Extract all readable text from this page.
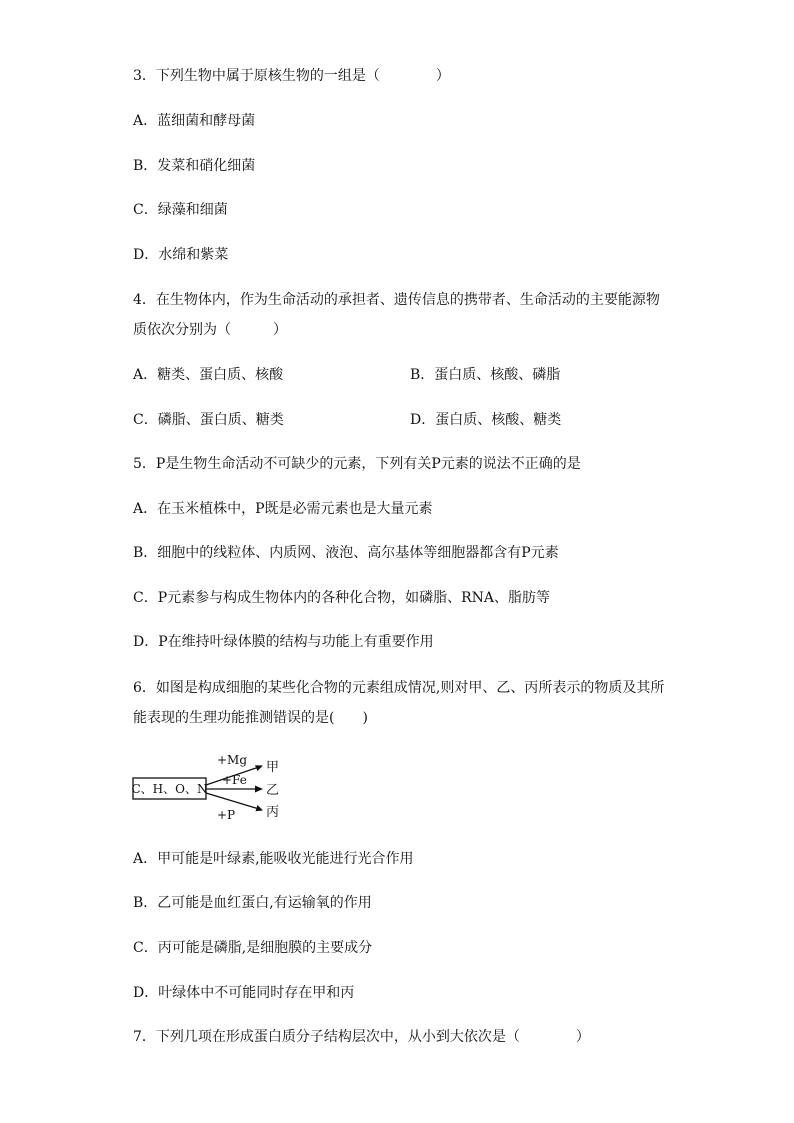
3．下列生物中属于原核生物的一组是（　　　　）
A．蓝细菌和酵母菌
B．发菜和硝化细菌
C．绿藻和细菌
D．水绵和紫菜
4．在生物体内，作为生命活动的承担者、遗传信息的携带者、生命活动的主要能源物
质依次分别为（　　　）
A．糖类、蛋白质、核酸	B．蛋白质、核酸、磷脂
C．磷脂、蛋白质、糖类	D．蛋白质、核酸、糖类
5．P是生物生命活动不可缺少的元素，下列有关P元素的说法不正确的是
A．在玉米植株中，P既是必需元素也是大量元素
B．细胞中的线粒体、内质网、液泡、高尔基体等细胞器都含有P元素
C．P元素参与构成生物体内的各种化合物，如磷脂、RNA、脂肪等
D．P在维持叶绿体膜的结构与功能上有重要作用
6．如图是构成细胞的某些化合物的元素组成情况,则对甲、乙、丙所表示的物质及其所
能表现的生理功能推测错误的是(　　)
C、H、O、N
+Mg
+Fe
+P
甲
乙
丙
A．甲可能是叶绿素,能吸收光能进行光合作用
B．乙可能是血红蛋白,有运输氧的作用
C．丙可能是磷脂,是细胞膜的主要成分
D．叶绿体中不可能同时存在甲和丙
7．下列几项在形成蛋白质分子结构层次中，从小到大依次是（　　　　）
